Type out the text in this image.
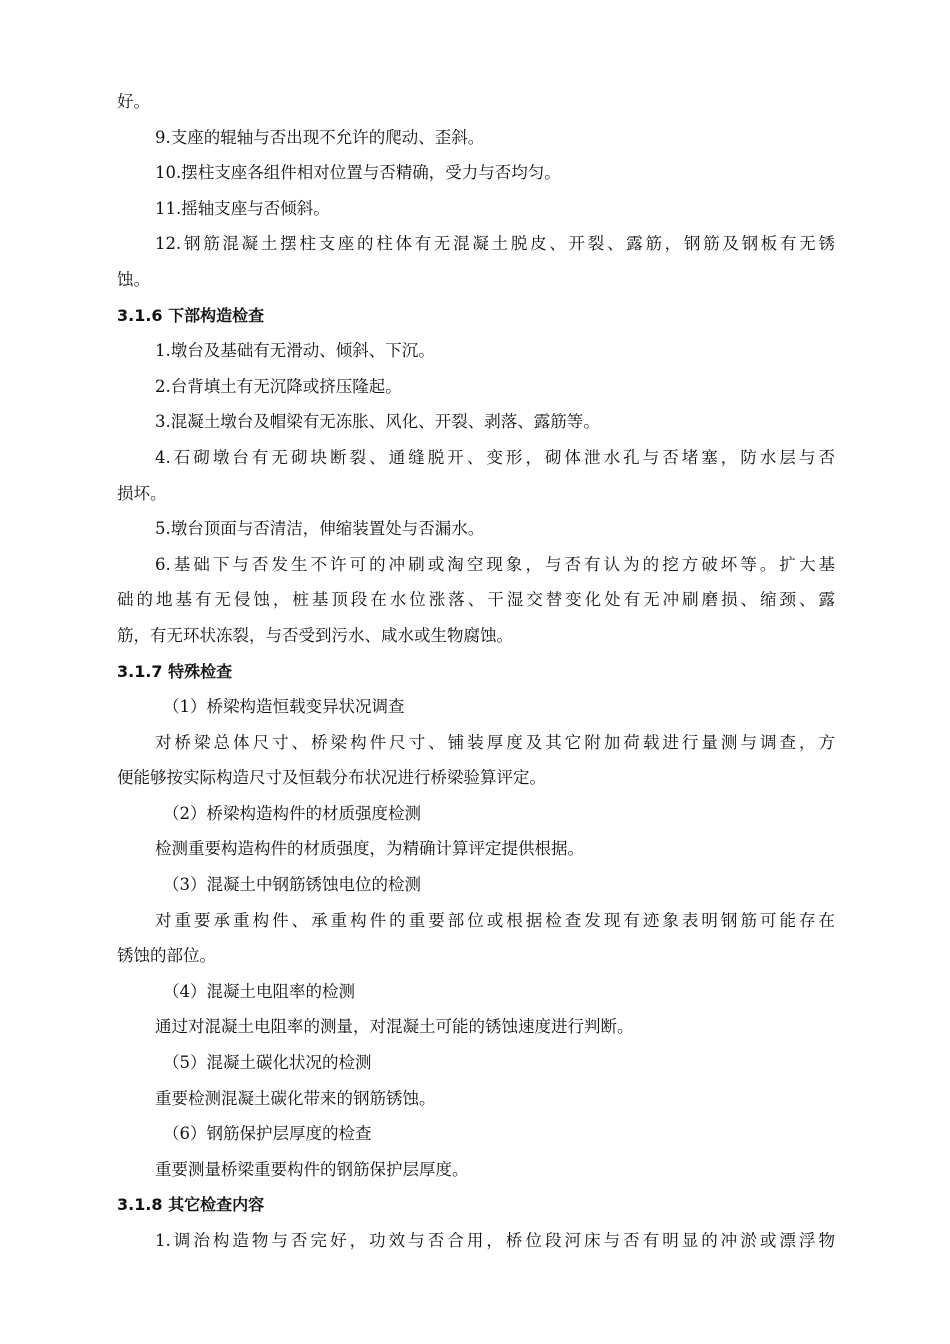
好。
9.支座的辊轴与否出现不允许的爬动、歪斜。
10.摆柱支座各组件相对位置与否精确，受力与否均匀。
11.摇轴支座与否倾斜。
12.钢筋混凝土摆柱支座的柱体有无混凝土脱皮、开裂、露筋，钢筋及钢板有无锈
蚀。
3.1.6 下部构造检查
1.墩台及基础有无滑动、倾斜、下沉。
2.台背填土有无沉降或挤压隆起。
3.混凝土墩台及帽梁有无冻胀、风化、开裂、剥落、露筋等。
4.石砌墩台有无砌块断裂、通缝脱开、变形，砌体泄水孔与否堵塞，防水层与否
损坏。
5.墩台顶面与否清洁，伸缩装置处与否漏水。
6.基础下与否发生不许可的冲刷或淘空现象，与否有认为的挖方破坏等。扩大基
础的地基有无侵蚀，桩基顶段在水位涨落、干湿交替变化处有无冲刷磨损、缩颈、露
筋，有无环状冻裂，与否受到污水、咸水或生物腐蚀。
3.1.7 特殊检查
（1）桥梁构造恒载变异状况调查
对桥梁总体尺寸、桥梁构件尺寸、铺装厚度及其它附加荷载进行量测与调查，方
便能够按实际构造尺寸及恒载分布状况进行桥梁验算评定。
（2）桥梁构造构件的材质强度检测
检测重要构造构件的材质强度，为精确计算评定提供根据。
（3）混凝土中钢筋锈蚀电位的检测
对重要承重构件、承重构件的重要部位或根据检查发现有迹象表明钢筋可能存在
锈蚀的部位。
（4）混凝土电阻率的检测
通过对混凝土电阻率的测量，对混凝土可能的锈蚀速度进行判断。
（5）混凝土碳化状况的检测
重要检测混凝土碳化带来的钢筋锈蚀。
（6）钢筋保护层厚度的检查
重要测量桥梁重要构件的钢筋保护层厚度。
3.1.8 其它检查内容
1.调治构造物与否完好，功效与否合用，桥位段河床与否有明显的冲淤或漂浮物
